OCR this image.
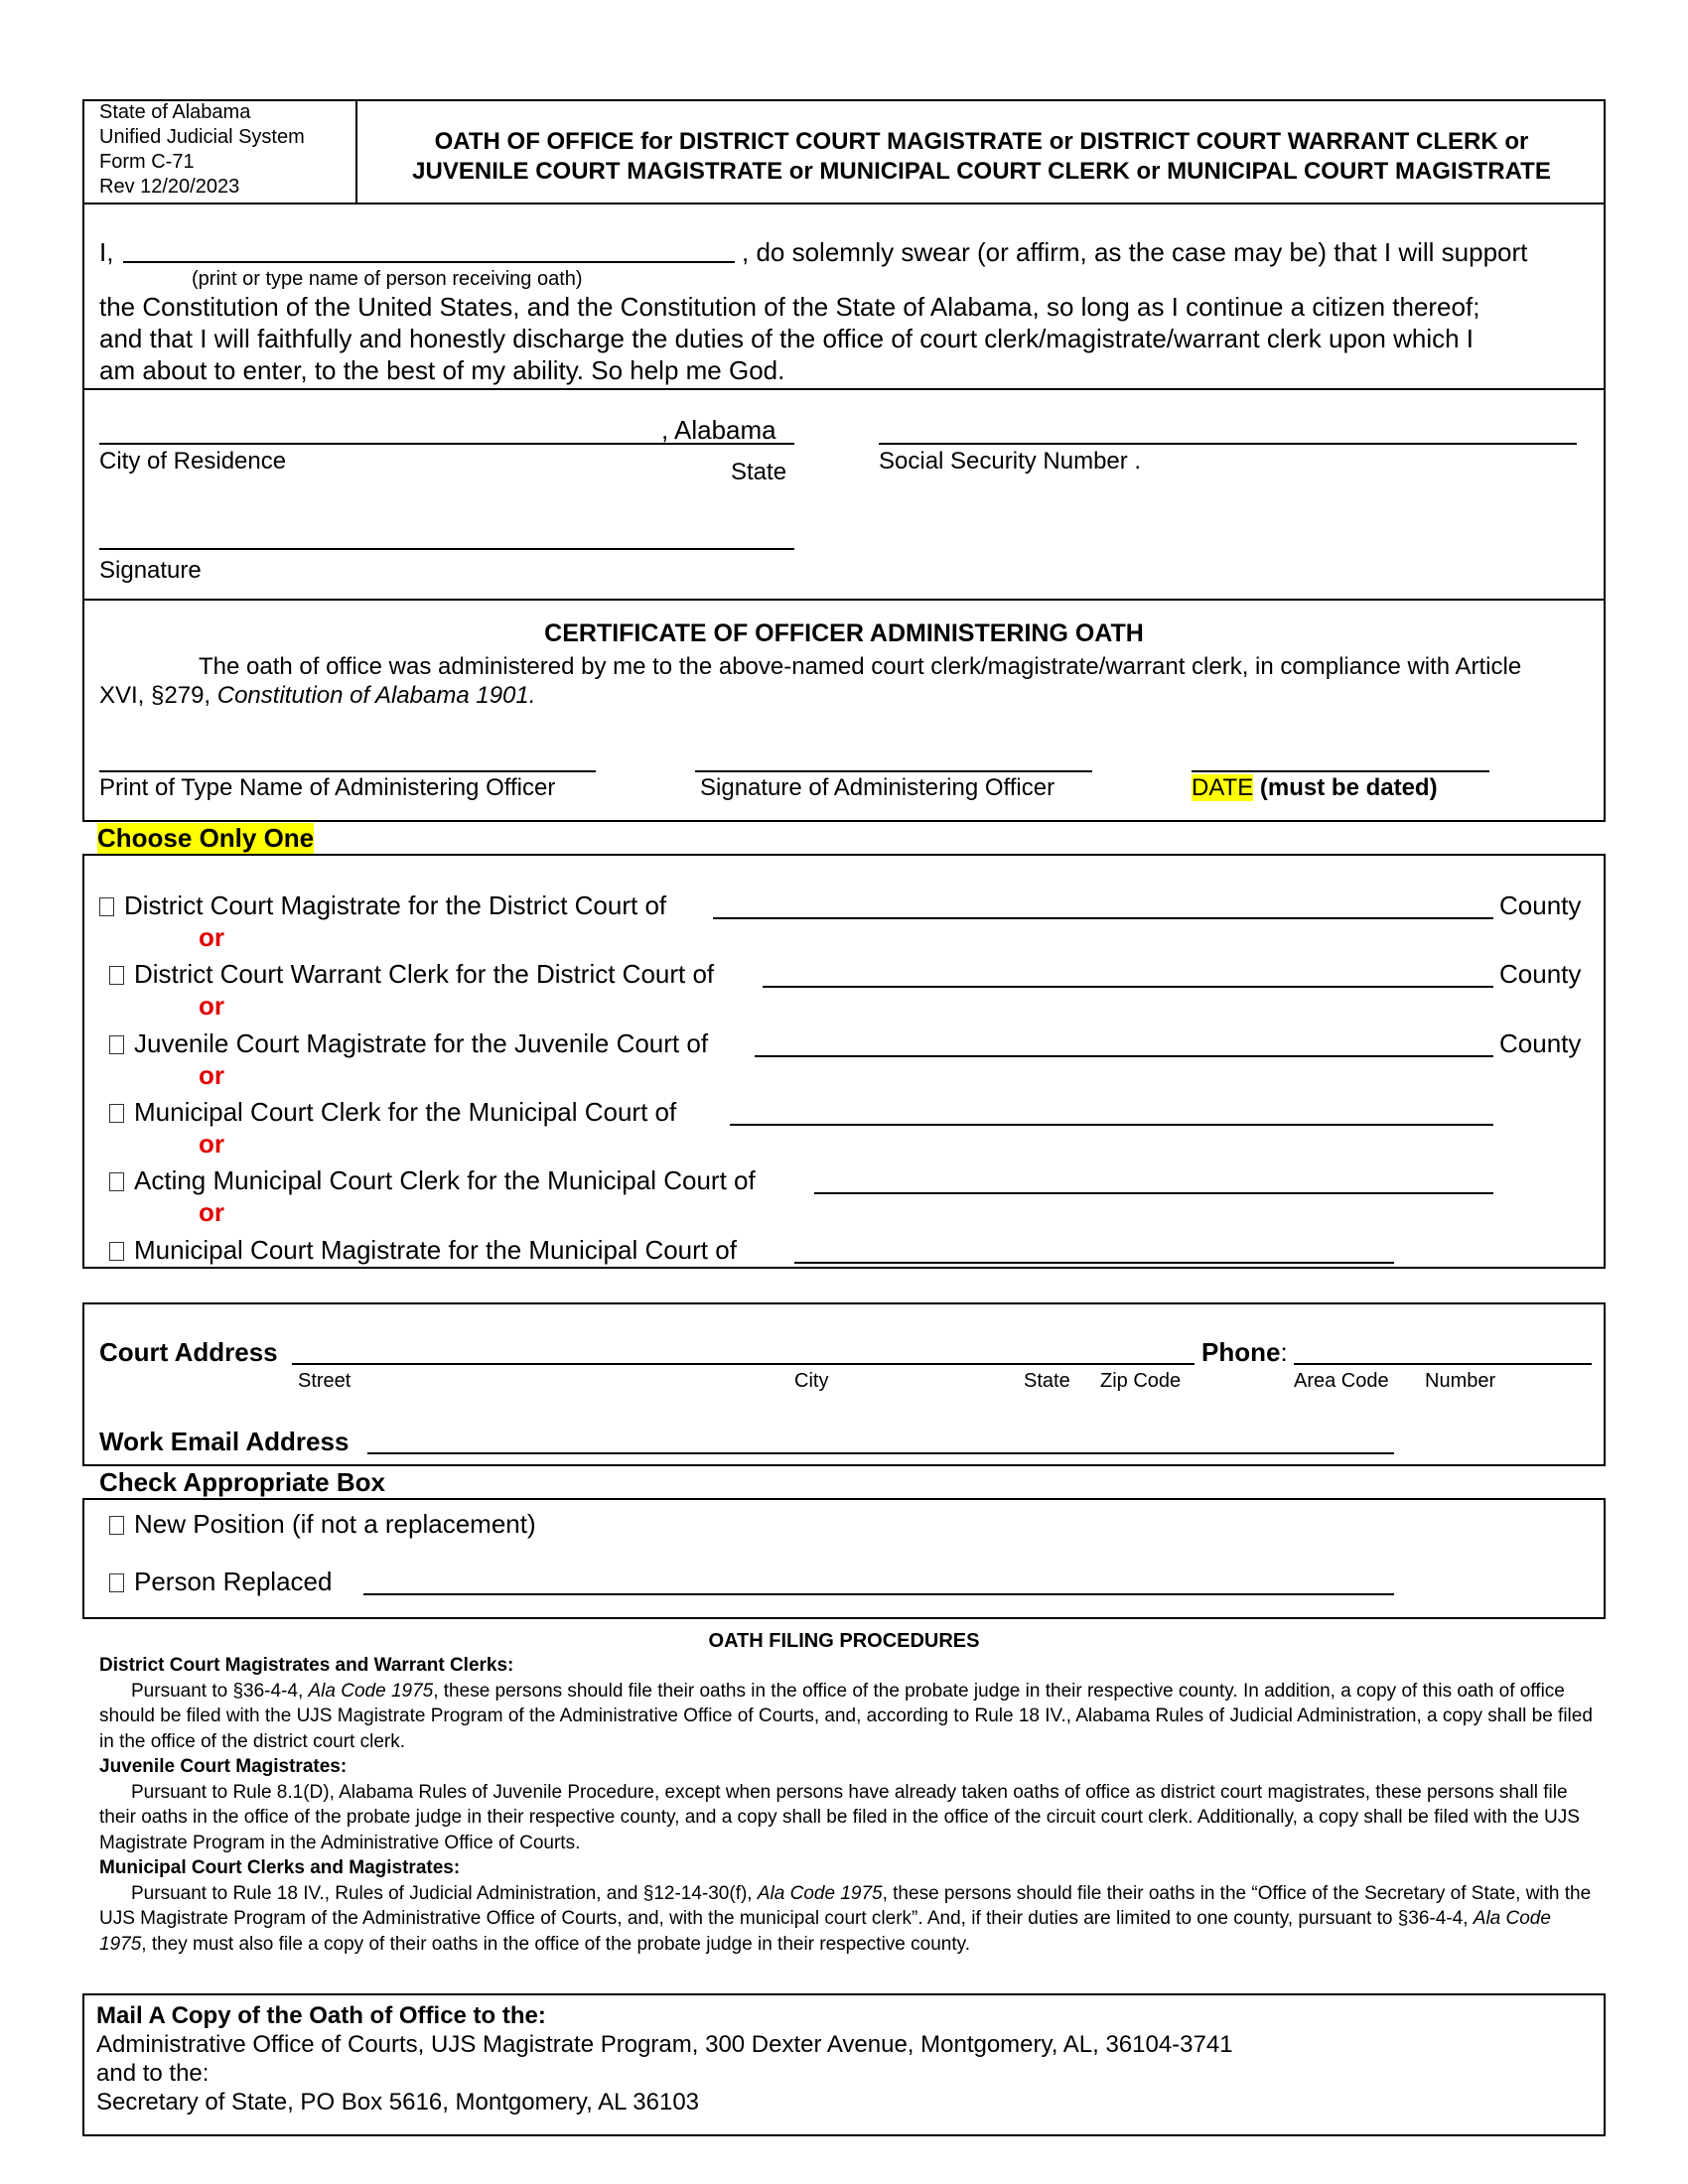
State of Alabama
Unified Judicial System
Form C-71
Rev 12/20/2023
OATH OF OFFICE for DISTRICT COURT MAGISTRATE or DISTRICT COURT WARRANT CLERK or
JUVENILE COURT MAGISTRATE or MUNICIPAL COURT CLERK or MUNICIPAL COURT MAGISTRATE
I,	, do solemnly swear (or affirm, as the case may be) that I will support
(print or type name of person receiving oath)
the Constitution of the United States, and the Constitution of the State of Alabama, so long as I continue a citizen thereof;
and that I will faithfully and honestly discharge the duties of the office of court clerk/magistrate/warrant clerk upon which I
am about to enter, to the best of my ability. So help me God.
, Alabama
City of Residence	State	Social Security Number .
Signature
CERTIFICATE OF OFFICER ADMINISTERING OATH
The oath of office was administered by me to the above-named court clerk/magistrate/warrant clerk, in compliance with Article
XVI, §279, Constitution of Alabama 1901.
Print of Type Name of Administering Officer	Signature of Administering Officer	DATE (must be dated)
Choose Only One
District Court Magistrate for the District Court of	County
or
District Court Warrant Clerk for the District Court of	County
or
Juvenile Court Magistrate for the Juvenile Court of	County
or
Municipal Court Clerk for the Municipal Court of
or
Acting Municipal Court Clerk for the Municipal Court of
or
Municipal Court Magistrate for the Municipal Court of
Court Address	Phone:
Street	City	State Zip Code	Area Code Number
Work Email Address
Check Appropriate Box
New Position (if not a replacement)
Person Replaced
OATH FILING PROCEDURES
District Court Magistrates and Warrant Clerks:

Pursuant to §36-4-4, Ala Code 1975, these persons should file their oaths in the office of the probate judge in their respective county. In addition, a copy of this oath of office should be filed with the UJS Magistrate Program of the Administrative Office of Courts, and, according to Rule 18 IV., Alabama Rules of Judicial Administration, a copy shall be filed in the office of the district court clerk.

Juvenile Court Magistrates:

Pursuant to Rule 8.1(D), Alabama Rules of Juvenile Procedure, except when persons have already taken oaths of office as district court magistrates, these persons shall file their oaths in the office of the probate judge in their respective county, and a copy shall be filed in the office of the circuit court clerk. Additionally, a copy shall be filed with the UJS Magistrate Program in the Administrative Office of Courts.

Municipal Court Clerks and Magistrates:

Pursuant to Rule 18 IV., Rules of Judicial Administration, and §12-14-30(f), Ala Code 1975, these persons should file their oaths in the “Office of the Secretary of State, with the UJS Magistrate Program of the Administrative Office of Courts, and, with the municipal court clerk”. And, if their duties are limited to one county, pursuant to §36-4-4, Ala Code 1975, they must also file a copy of their oaths in the office of the probate judge in their respective county.

Mail A Copy of the Oath of Office to the:
Administrative Office of Courts, UJS Magistrate Program, 300 Dexter Avenue, Montgomery, AL, 36104-3741
and to the:
Secretary of State, PO Box 5616, Montgomery, AL 36103
